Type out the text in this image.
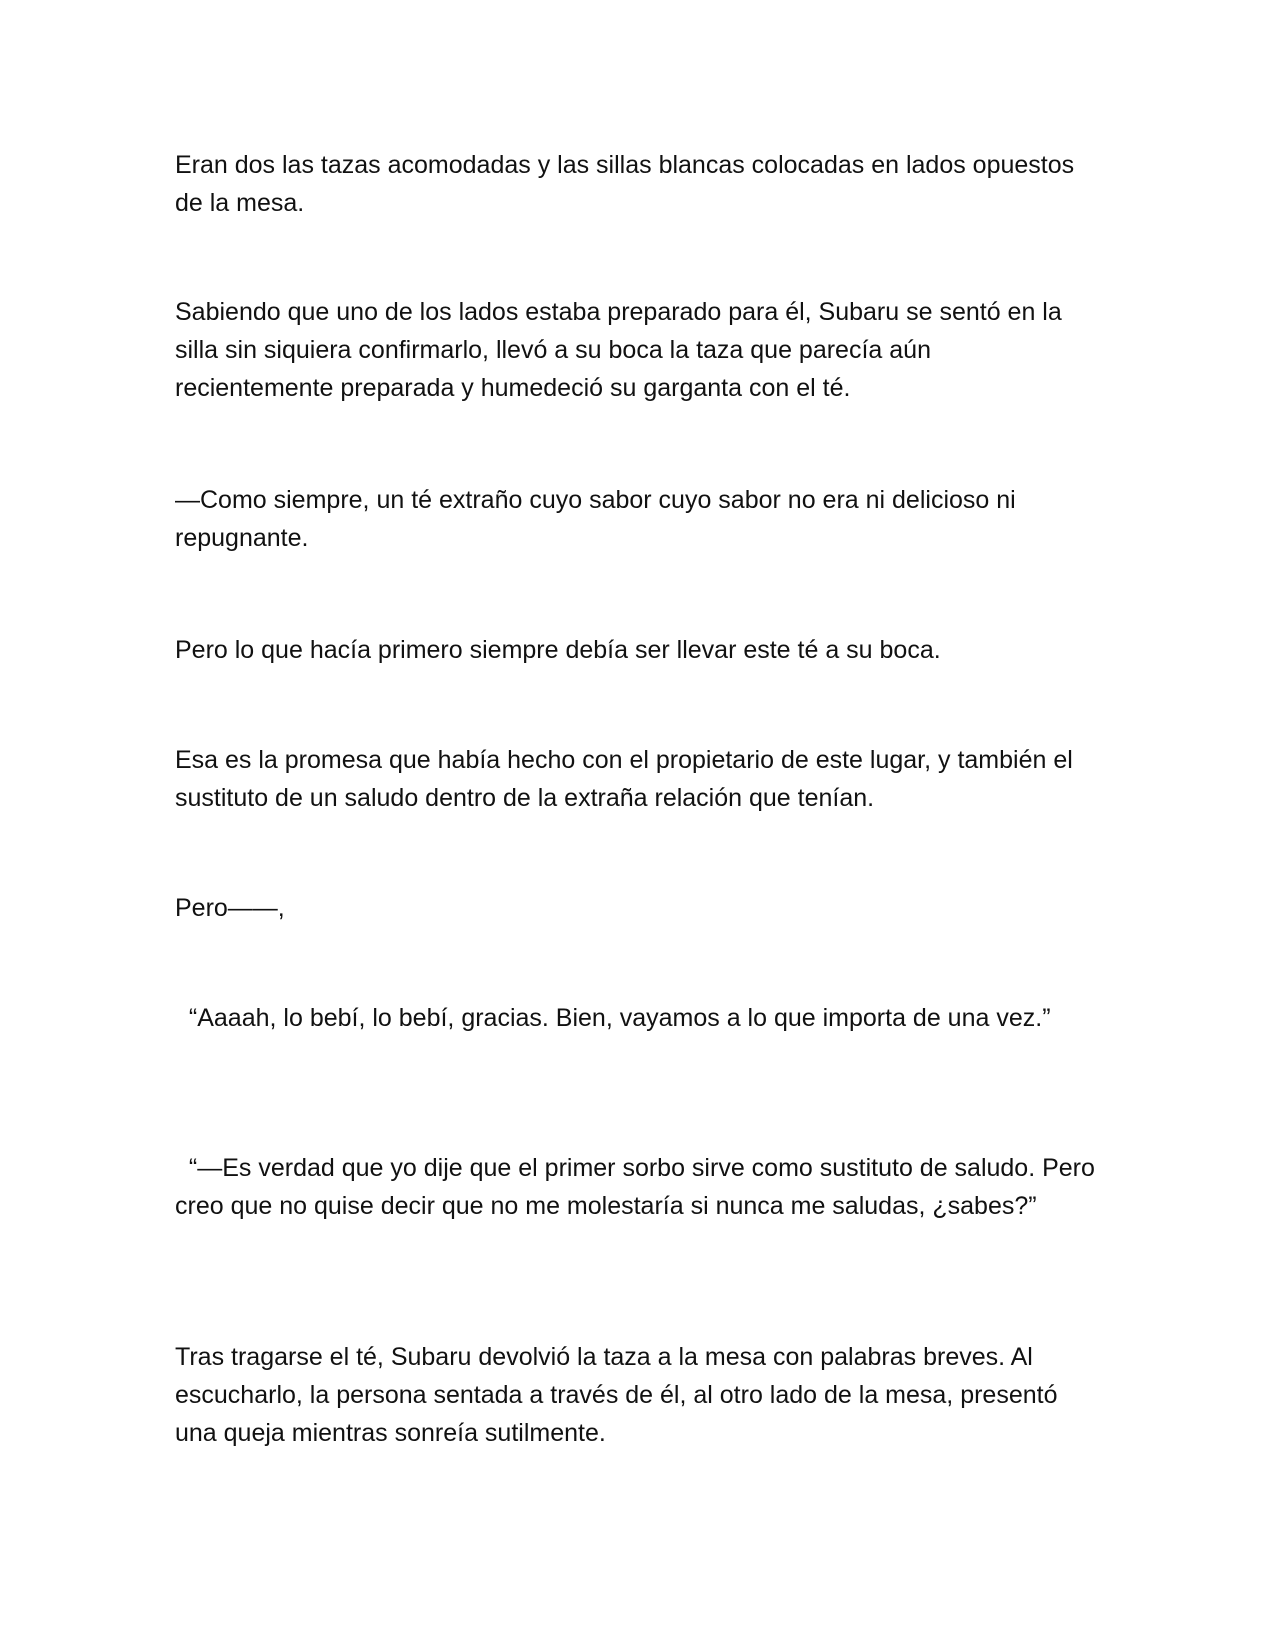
Eran dos las tazas acomodadas y las sillas blancas colocadas en lados opuestos de la mesa.

Sabiendo que uno de los lados estaba preparado para él, Subaru se sentó en la silla sin siquiera confirmarlo, llevó a su boca la taza que parecía aún recientemente preparada y humedeció su garganta con el té.

—Como siempre, un té extraño cuyo sabor cuyo sabor no era ni delicioso ni repugnante.

Pero lo que hacía primero siempre debía ser llevar este té a su boca.

Esa es la promesa que había hecho con el propietario de este lugar, y también el sustituto de un saludo dentro de la extraña relación que tenían.

Pero——,

“Aaaah, lo bebí, lo bebí, gracias. Bien, vayamos a lo que importa de una vez.”

“—Es verdad que yo dije que el primer sorbo sirve como sustituto de saludo. Pero creo que no quise decir que no me molestaría si nunca me saludas, ¿sabes?”

Tras tragarse el té, Subaru devolvió la taza a la mesa con palabras breves. Al escucharlo, la persona sentada a través de él, al otro lado de la mesa, presentó una queja mientras sonreía sutilmente.
